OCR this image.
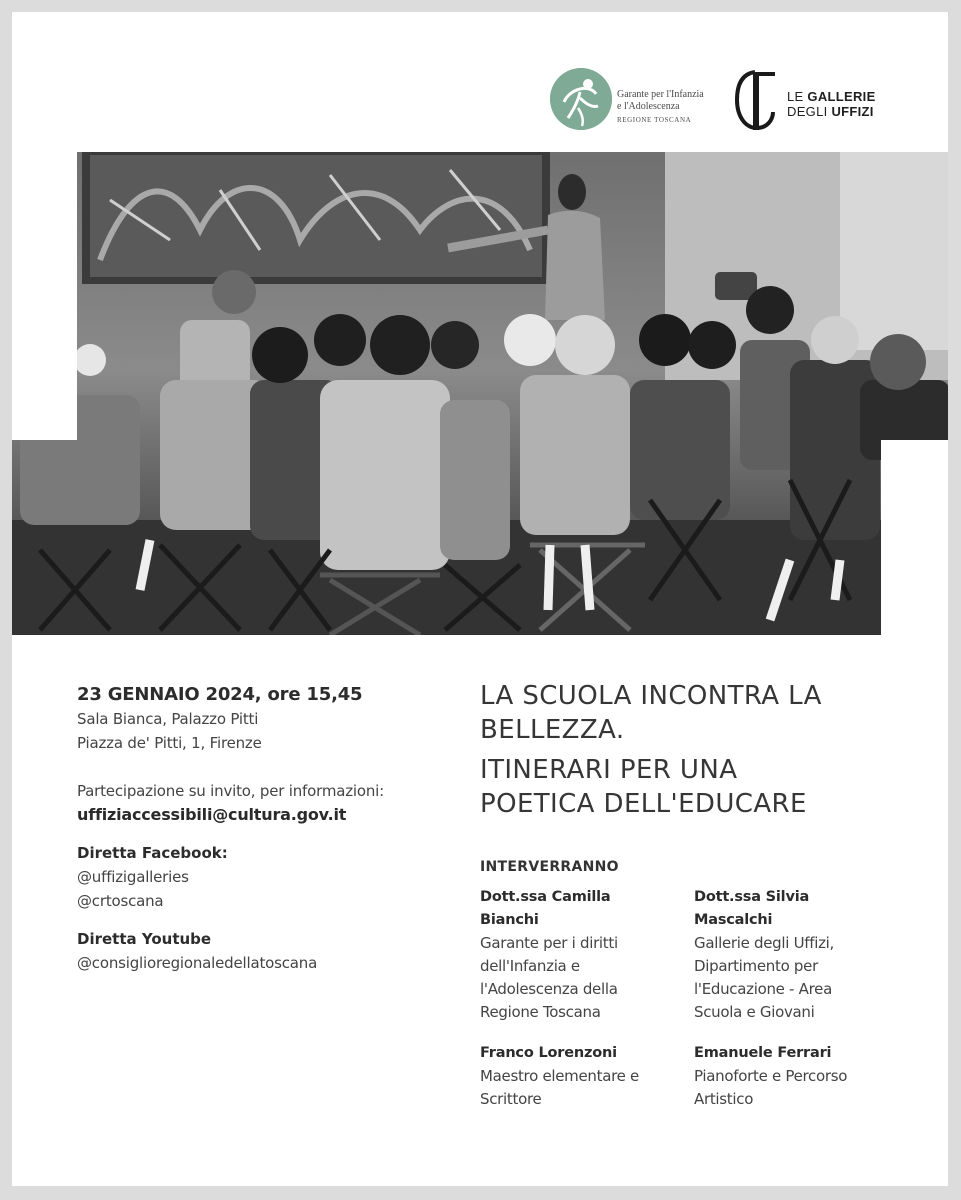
Garante per l'Infanzia
e l'Adolescenza
REGIONE TOSCANA
LE GALLERIE
DEGLI UFFIZI
23 GENNAIO 2024, ore 15,45
Sala Bianca, Palazzo Pitti
Piazza de' Pitti, 1, Firenze
Partecipazione su invito, per informazioni:
uffiziaccessibili@cultura.gov.it
Diretta Facebook:
@uffizigalleries
@crtoscana
Diretta Youtube
@consiglioregionaledellatoscana

LA SCUOLA INCONTRA LA

BELLEZZA.

ITINERARI PER UNA

POETICA DELL'EDUCARE

INTERVERRANNO
Dott.ssa Camilla
Bianchi
Garante per i diritti
dell'Infanzia e
l'Adolescenza della
Regione Toscana
Dott.ssa Silvia
Mascalchi
Gallerie degli Uffizi,
Dipartimento per
l'Educazione - Area
Scuola e Giovani
Franco Lorenzoni
Maestro elementare e
Scrittore
Emanuele Ferrari
Pianoforte e Percorso
Artistico
